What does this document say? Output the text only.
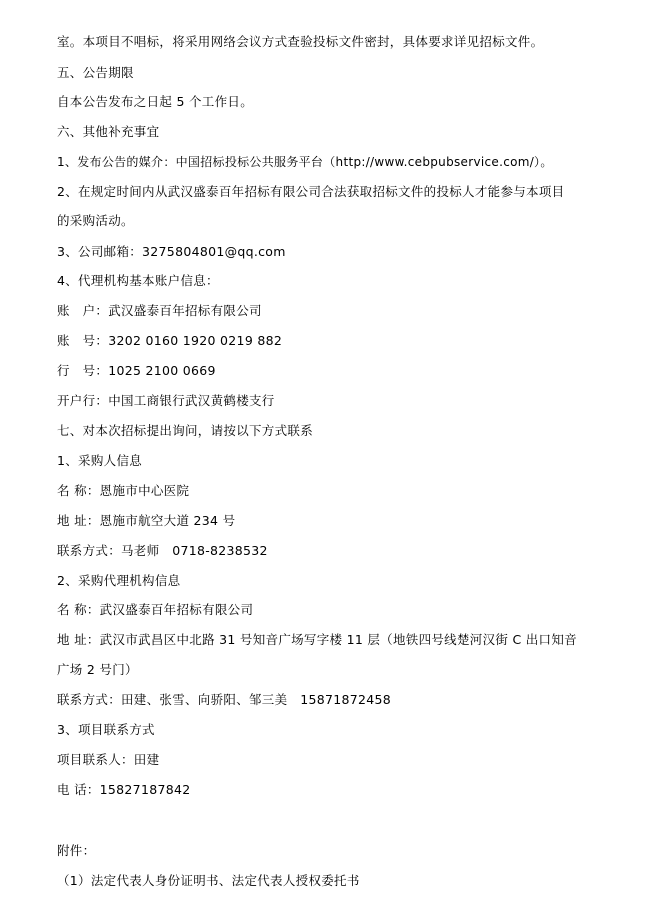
室。本项目不唱标，将采用网络会议方式查验投标文件密封，具体要求详见招标文件。
五、公告期限
自本公告发布之日起 5 个工作日。
六、其他补充事宜
1、发布公告的媒介：中国招标投标公共服务平台（http://www.cebpubservice.com/）。
2、在规定时间内从武汉盛泰百年招标有限公司合法获取招标文件的投标人才能参与本项目
的采购活动。
3、公司邮箱：3275804801@qq.com
4、代理机构基本账户信息：
账　户：武汉盛泰百年招标有限公司
账　号：3202 0160 1920 0219 882
行　号：1025 2100 0669
开户行：中国工商银行武汉黄鹤楼支行
七、对本次招标提出询问，请按以下方式联系
1、采购人信息
名 称：恩施市中心医院
地 址：恩施市航空大道 234 号
联系方式：马老师　0718-8238532
2、采购代理机构信息
名 称：武汉盛泰百年招标有限公司
地 址：武汉市武昌区中北路 31 号知音广场写字楼 11 层（地铁四号线楚河汉街 C 出口知音
广场 2 号门）
联系方式：田建、张雪、向骄阳、邹三美　15871872458
3、项目联系方式
项目联系人：田建
电 话：15827187842
附件：
（1）法定代表人身份证明书、法定代表人授权委托书
